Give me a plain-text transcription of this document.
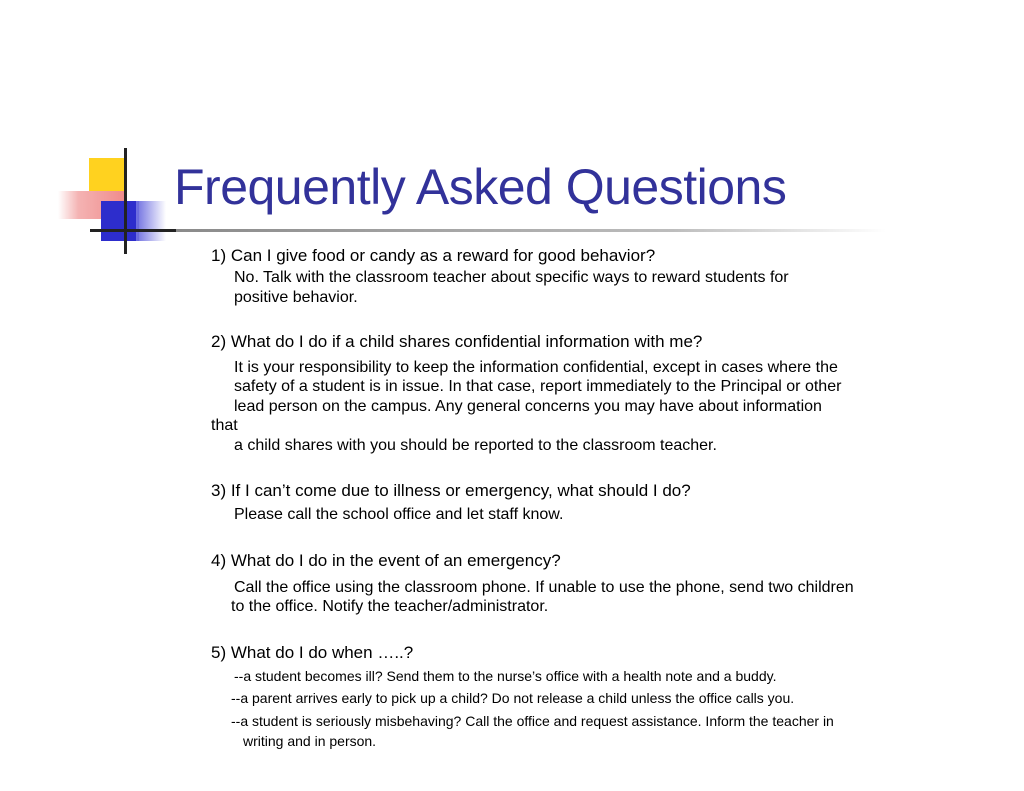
Frequently Asked Questions
1) Can I give food or candy as a reward for good behavior?
No. Talk with the classroom teacher about specific ways to reward students for
positive behavior.
2) What do I do if a child shares confidential information with me?
It is your responsibility to keep the information confidential, except in cases where the
safety of a student is in issue. In that case, report immediately to the Principal or other
lead person on the campus. Any general concerns you may have about information
that
a child shares with you should be reported to the classroom teacher.
3) If I can’t come due to illness or emergency, what should I do?
Please call the school office and let staff know.
4) What do I do in the event of an emergency?
Call the office using the classroom phone. If unable to use the phone, send two children
to the office. Notify the teacher/administrator.
5) What do I do when …..?
--a student becomes ill? Send them to the nurse’s office with a health note and a buddy.
--a parent arrives early to pick up a child? Do not release a child unless the office calls you.
--a student is seriously misbehaving? Call the office and request assistance. Inform the teacher in
writing and in person.
